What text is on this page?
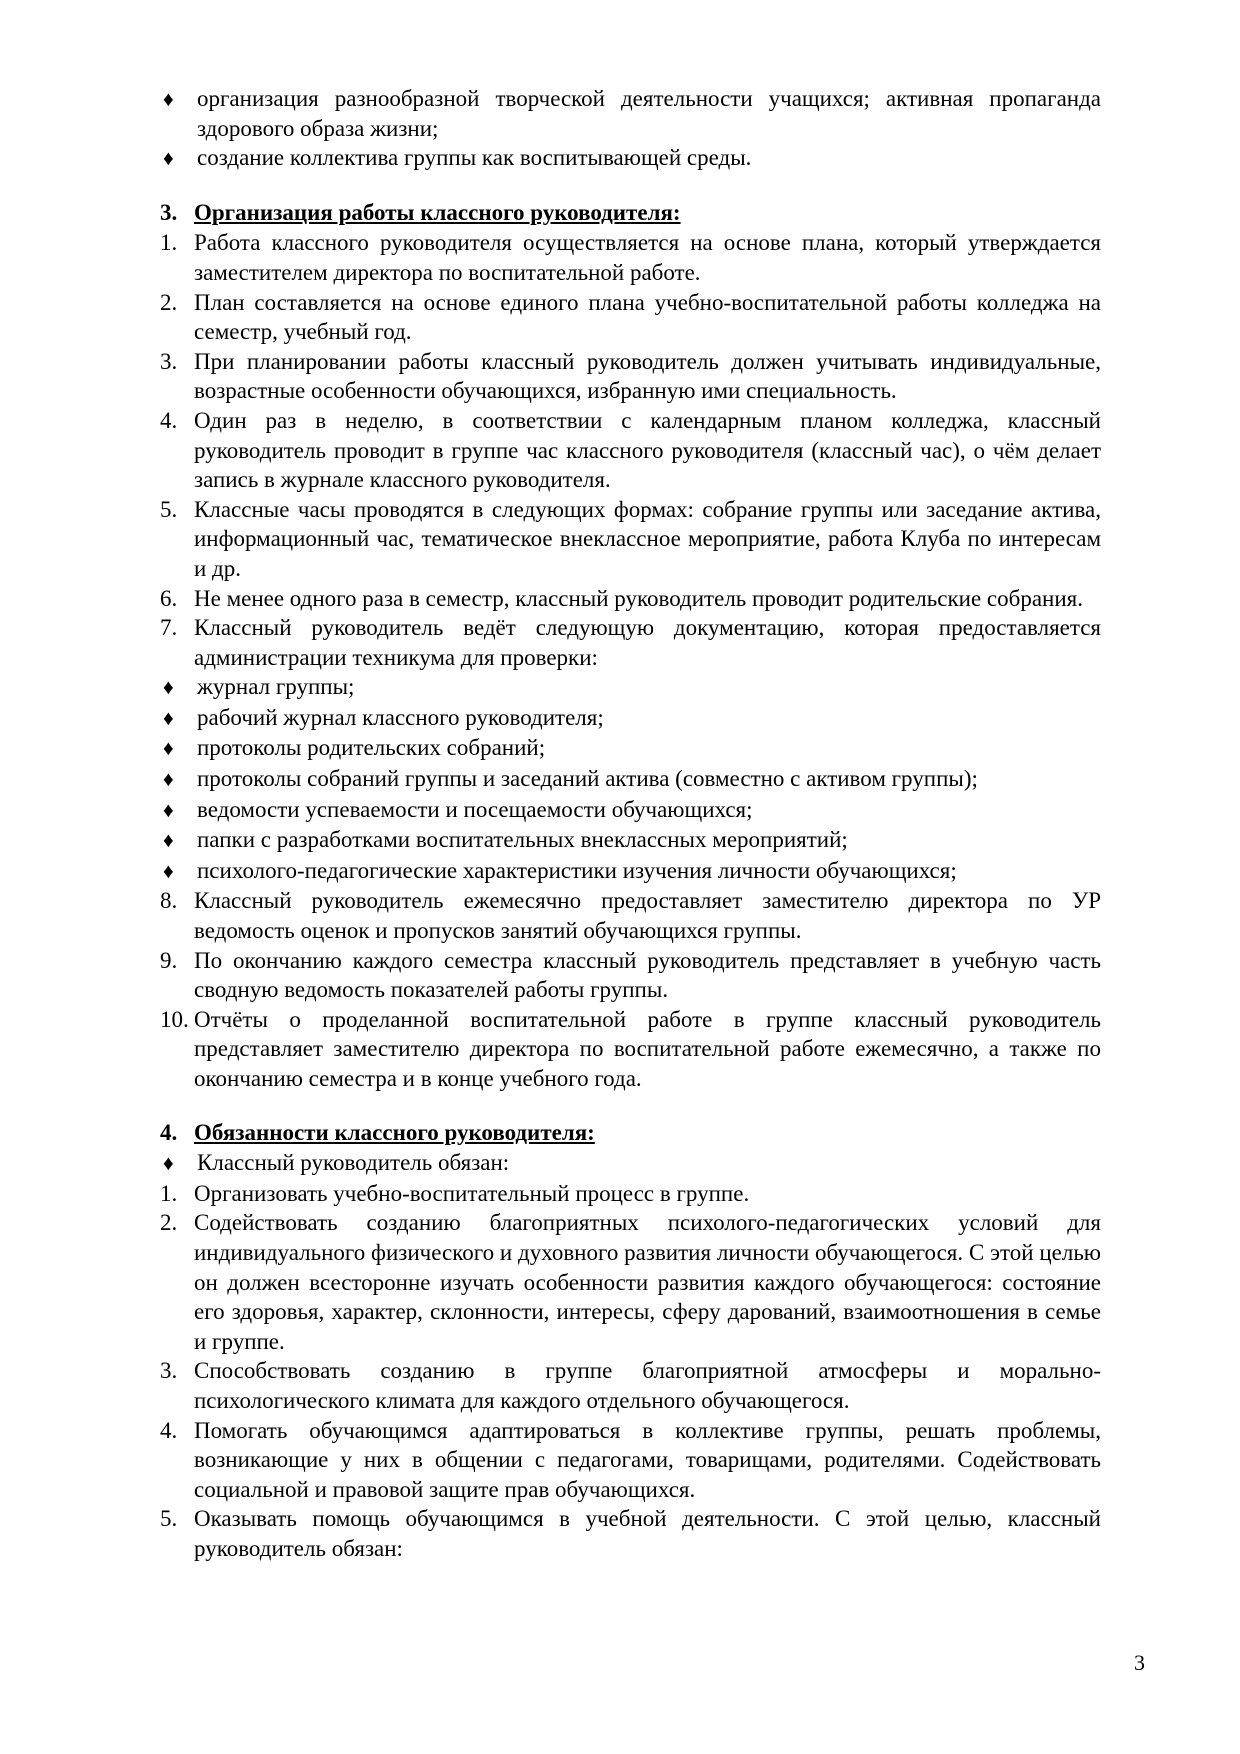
♦	организация разнообразной творческой деятельности учащихся; активная пропаганда здорового образа жизни;
♦	создание коллектива группы как воспитывающей среды.
3. Организация работы классного руководителя:
1. Работа классного руководителя осуществляется на основе плана, который утверждается заместителем директора по воспитательной работе.
2. План составляется на основе единого плана учебно-воспитательной работы колледжа на семестр, учебный год.
3. При планировании работы классный руководитель должен учитывать индивидуальные, возрастные особенности обучающихся, избранную ими специальность.
4. Один раз в неделю, в соответствии с календарным планом колледжа, классный руководитель проводит в группе час классного руководителя (классный час), о чём делает запись в журнале классного руководителя.
5. Классные часы проводятся в следующих формах: собрание группы или заседание актива, информационный час, тематическое внеклассное мероприятие, работа Клуба по интересам и др.
6. Не менее одного раза в семестр, классный руководитель проводит родительские собрания.
7. Классный руководитель ведёт следующую документацию, которая предоставляется администрации техникума для проверки:
♦	журнал группы;
♦	рабочий журнал классного руководителя;
♦	протоколы родительских собраний;
♦	протоколы собраний группы и заседаний актива (совместно с активом группы);
♦	ведомости успеваемости и посещаемости обучающихся;
♦	папки с разработками воспитательных внеклассных мероприятий;
♦	психолого-педагогические характеристики изучения личности обучающихся;
8. Классный руководитель ежемесячно предоставляет заместителю директора по УР ведомость оценок и пропусков занятий обучающихся группы.
9. По окончанию каждого семестра классный руководитель представляет в учебную часть сводную ведомость показателей работы группы.
10. Отчёты о проделанной воспитательной работе в группе классный руководитель представляет заместителю директора по воспитательной работе ежемесячно, а также по окончанию семестра и в конце учебного года.
4. Обязанности классного руководителя:
♦	Классный руководитель обязан:
1. Организовать учебно-воспитательный процесс в группе.
2. Содействовать созданию благоприятных психолого-педагогических условий для индивидуального физического и духовного развития личности обучающегося. С этой целью он должен всесторонне изучать особенности развития каждого обучающегося: состояние его здоровья, характер, склонности, интересы, сферу дарований, взаимоотношения в семье и группе.
3. Способствовать созданию в группе благоприятной атмосферы и морально-психологического климата для каждого отдельного обучающегося.
4. Помогать обучающимся адаптироваться в коллективе группы, решать проблемы, возникающие у них в общении с педагогами, товарищами, родителями. Содействовать социальной и правовой защите прав обучающихся.
5. Оказывать помощь обучающимся в учебной деятельности. С этой целью, классный руководитель обязан:
3
